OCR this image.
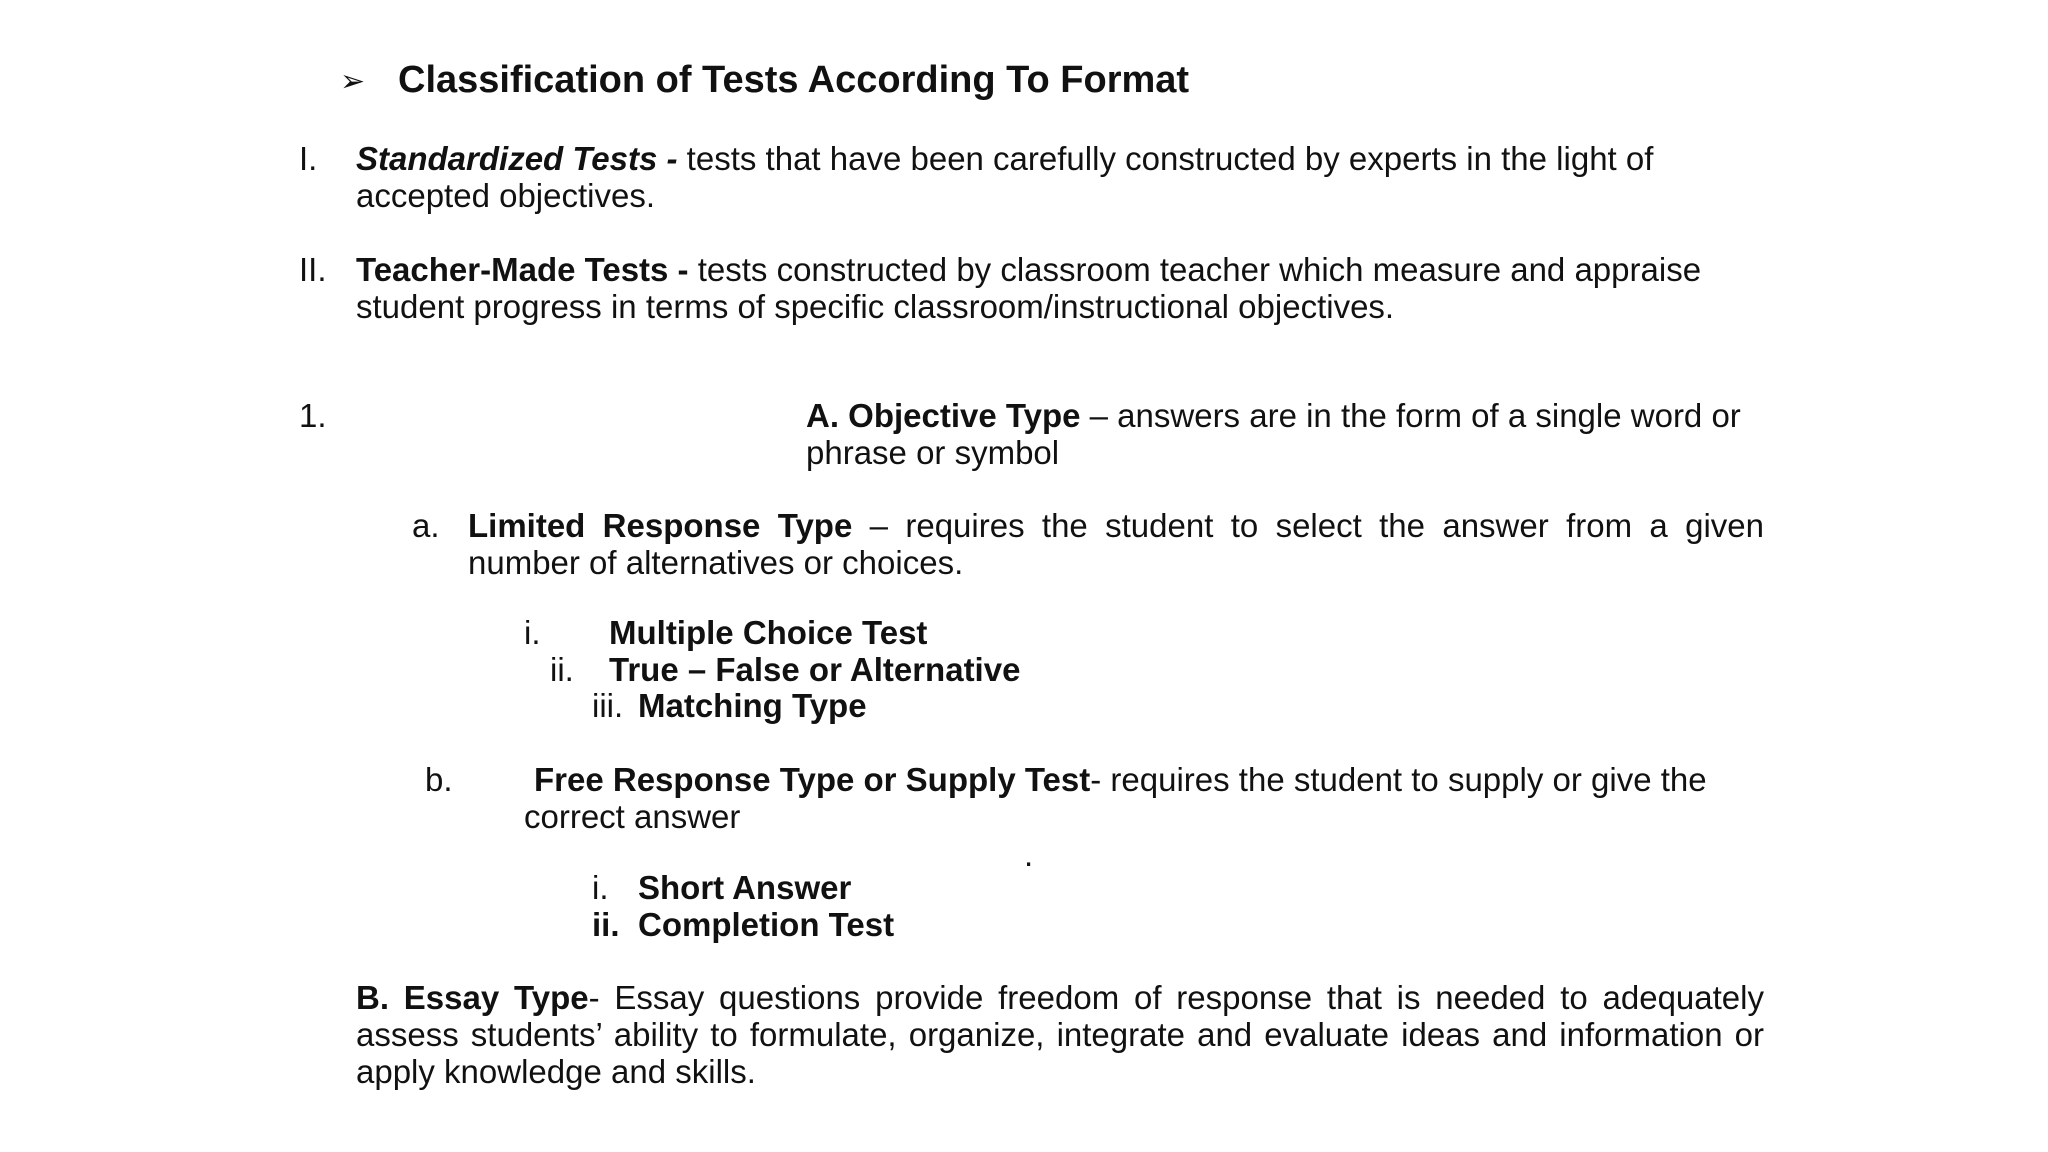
➢ Classification of Tests According To Format
I. Standardized Tests - tests that have been carefully constructed by experts in the light of accepted objectives.
II. Teacher-Made Tests - tests constructed by classroom teacher which measure and appraise student progress in terms of specific classroom/instructional objectives.
1.	A. Objective Type – answers are in the form of a single word or phrase or symbol
a. Limited Response Type – requires the student to select the answer from a given number of alternatives or choices.
i. Multiple Choice Test
ii. True – False or Alternative
iii. Matching Type
b.	Free Response Type or Supply Test- requires the student to supply or give the correct answer
.
i. Short Answer
ii. Completion Test
B. Essay Type- Essay questions provide freedom of response that is needed to adequately assess students’ ability to formulate, organize, integrate and evaluate ideas and information or apply knowledge and skills.
